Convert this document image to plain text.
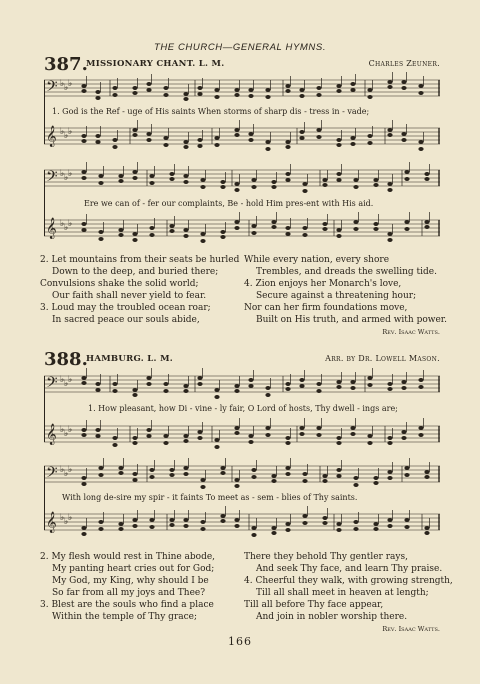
THE CHURCH—GENERAL HYMNS.
387.
MISSIONARY CHANT. L. M.	Charles Zeuner.
1. God is the Ref - uge of His saints When storms of sharp dis - tress in - vade;
𝄢 ♭ ♭ ♭
𝄞 ♭ ♭ ♭
Ere we can of - fer our complaints, Be - hold Him pres-ent with His aid.
𝄢 ♭ ♭ ♭
𝄞 ♭ ♭ ♭
2. Let mountains from their seats be hurled
Down to the deep, and buried there;
Convulsions shake the solid world;
Our faith shall never yield to fear.
3. Loud may the troubled ocean roar;
In sacred peace our souls abide,
While every nation, every shore
Trembles, and dreads the swelling tide.
4. Zion enjoys her Monarch's love,
Secure against a threatening hour;
Nor can her firm foundations move,
Built on His truth, and armed with power.
Rev. Isaac Watts.
388.
HAMBURG. L. M.	Arr. by Dr. Lowell Mason.
1. How pleasant, how Di - vine - ly fair, O Lord of hosts, Thy dwell - ings are;
𝄢 ♭ ♭ ♭
𝄞 ♭ ♭ ♭
With long de-sire my spir - it faints To meet as - sem - blies of Thy saints.
𝄢 ♭ ♭ ♭
𝄞 ♭ ♭ ♭
2. My flesh would rest in Thine abode,
My panting heart cries out for God;
My God, my King, why should I be
So far from all my joys and Thee?
3. Blest are the souls who find a place
Within the temple of Thy grace;
There they behold Thy gentler rays,
And seek Thy face, and learn Thy praise.
4. Cheerful they walk, with growing strength,
Till all shall meet in heaven at length;
Till all before Thy face appear,
And join in nobler worship there.
Rev. Isaac Watts.
166
